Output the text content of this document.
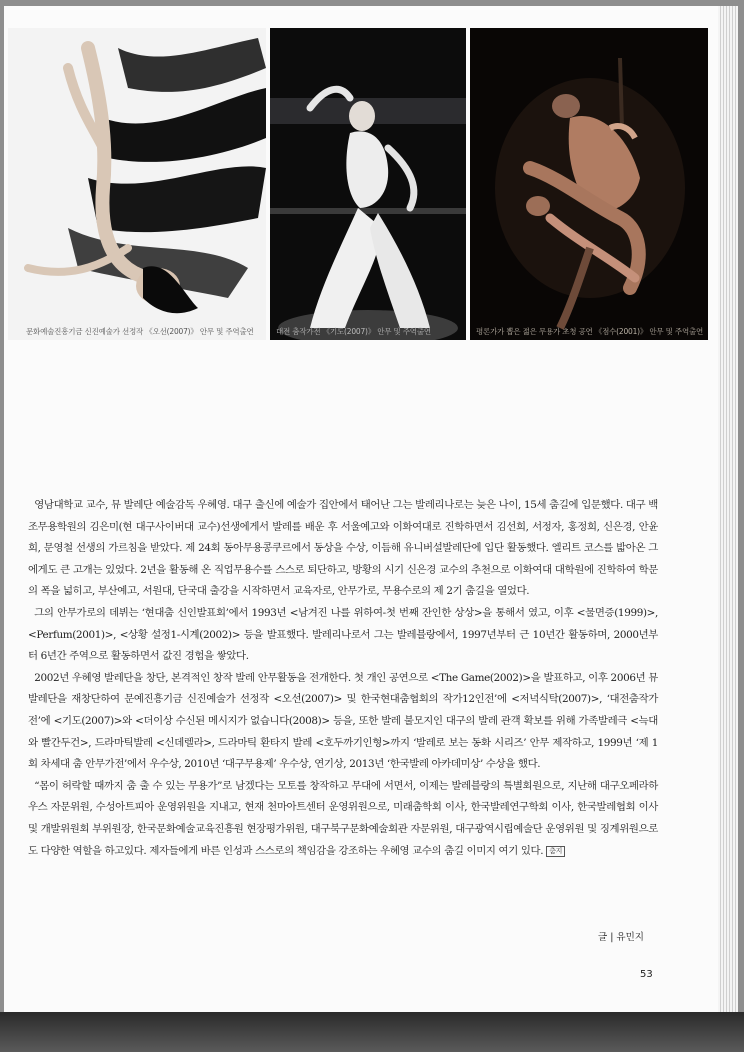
문화예술진흥기금 신진예술가 선정작 《오선(2007)》 안무 및 주역출연	대전 춤작가전 《기도(2007)》 안무 및 주역출연	평론가가 뽑은 젊은 무용가 초청 공연 《점수(2001)》 안무 및 주역출연

영남대학교 교수, 뮤 발레단 예술감독 우혜영. 대구 출신에 예술가 집안에서 태어난 그는 발레리나로는 늦은 나이, 15세 춤길에 입문했다. 대구 백조무용학원의 김은미(현 대구사이버대 교수)선생에게서 발레를 배운 후 서울예고와 이화여대로 진학하면서 김선희, 서정자, 홍정희, 신은경, 안윤희, 문영철 선생의 가르침을 받았다. 제 24회 동아무용콩쿠르에서 동상을 수상, 이듬해 유니버설발레단에 입단 활동했다. 엘리트 코스를 밟아온 그에게도 큰 고개는 있었다. 2년을 활동해 온 직업무용수를 스스로 퇴단하고, 방황의 시기 신은경 교수의 추천으로 이화여대 대학원에 진학하여 학문의 폭을 넓히고, 부산예고, 서원대, 단국대 출강을 시작하면서 교육자로, 안무가로, 무용수로의 제 2기 춤길을 열었다.

그의 안무가로의 데뷔는 ‘현대춤 신인발표회’에서 1993년 <남겨진 나를 위하여-첫 번째 잔인한 상상>을 통해서 였고, 이후 <물면증(1999)>, <Perfum(2001)>, <상황 설정1-시계(2002)> 등을 발표했다. 발레리나로서 그는 발레블랑에서, 1997년부터 근 10년간 활동하며, 2000년부터 6년간 주역으로 활동하면서 값진 경험을 쌓았다.

2002년 우혜영 발레단을 창단, 본격적인 창작 발레 안무활동을 전개한다. 첫 개인 공연으로 <The Game(2002)>을 발표하고, 이후 2006년 뮤 발레단을 재창단하여 문예진흥기금 신진예술가 선정작 <오선(2007)> 및 한국현대춤협회의 작가12인전’에 <저녁식탁(2007)>, ‘대전춤작가전’에 <기도(2007)>와 <더이상 수신된 메시지가 없습니다(2008)> 등을, 또한 발레 불모지인 대구의 발레 관객 확보를 위해 가족발레극 <늑대와 빨간두건>, 드라마틱발레 <신데렐라>, 드라마틱 환타지 발레 <호두까기인형>까지 ‘발레로 보는 동화 시리즈’ 안무 제작하고, 1999년 ‘제 1회 차세대 춤 안무가전’에서 우수상, 2010년 ‘대구무용제’ 우수상, 연기상, 2013년 ‘한국발레 아카데미상’ 수상을 했다.

“몸이 허락할 때까지 춤 출 수 있는 무용가”로 남겠다는 모토를 창작하고 무대에 서면서, 이제는 발레블랑의 특별회원으로, 지난해 대구오페라하우스 자문위원, 수성아트피아 운영위원을 지내고, 현재 천마아트센터 운영위원으로, 미래춤학회 이사, 한국발레연구학회 이사, 한국발레협회 이사 및 개발위원회 부위원장, 한국문화예술교육진흥원 현장평가위원, 대구북구문화예술회관 자문위원, 대구광역시립예술단 운영위원 및 징계위원으로도 다양한 역할을 하고있다. 제자들에게 바른 인성과 스스로의 책임감을 강조하는 우혜영 교수의 춤길 이미지 여기 있다. 춤지

글 | 유민지
53
